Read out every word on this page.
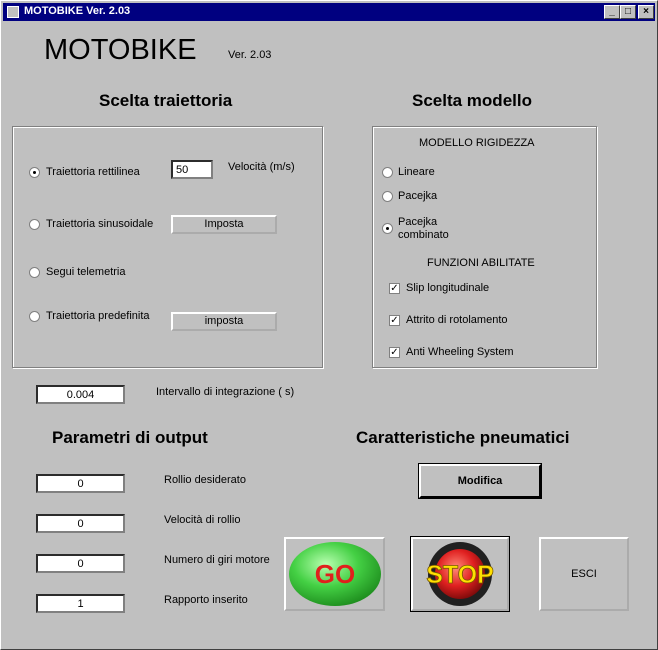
MOTOBIKE Ver. 2.03	_	□	×
MOTOBIKE	Ver. 2.03
Scelta traiettoria
Traiettoria rettilinea	50	Velocità (m/s)
Traiettoria sinusoidale	Imposta
Segui telemetria
Traiettoria predefinita	imposta
Scelta modello
MODELLO RIGIDEZZA
Lineare
Pacejka
Pacejka combinato
FUNZIONI ABILITATE
✓ Slip longitudinale
✓ Attrito di rotolamento
✓ Anti Wheeling System
0.004	Intervallo di integrazione ( s)
Parametri di output
0	Rollio desiderato
0	Velocità di rollio
0	Numero di giri motore
1	Rapporto inserito
Caratteristiche pneumatici
Modifica
GO	STOP	ESCI
